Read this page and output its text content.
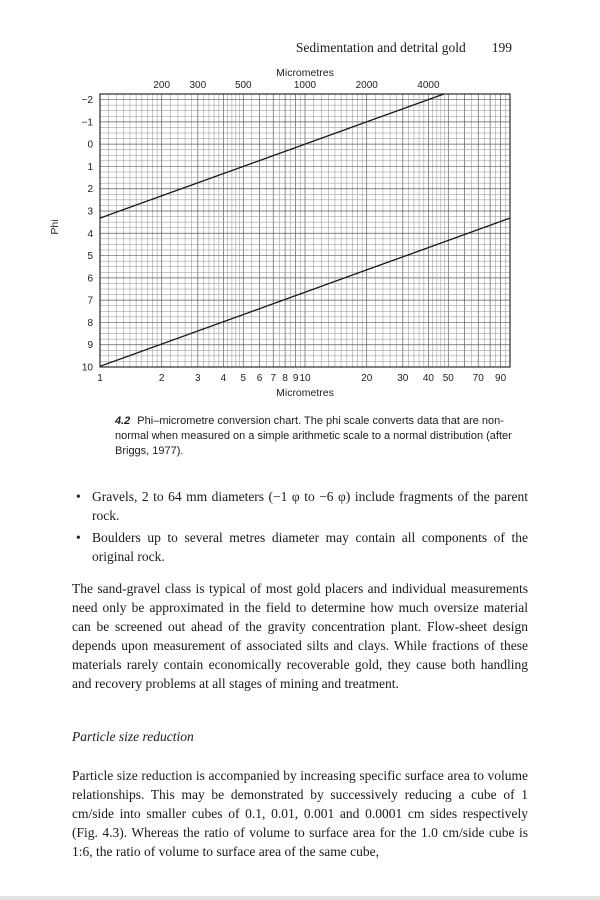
Sedimentation and detrital gold 199
Micrometres
200 300	500	1000	2000	4000
−2
−1
0
1
2
3
4
5
6
7
8
9
10
Phi
1	2	3 4 5 6 7 8 9 10	20 30 40 50 70 90
Micrometres
4.2 Phi–micrometre conversion chart. The phi scale converts data that are non-normal when measured on a simple arithmetic scale to a normal distribution (after Briggs, 1977).
• Gravels, 2 to 64 mm diameters (−1 φ to −6 φ) include fragments of the parent rock.
• Boulders up to several metres diameter may contain all components of the original rock.
The sand-gravel class is typical of most gold placers and individual measurements need only be approximated in the field to determine how much oversize material can be screened out ahead of the gravity concentration plant. Flow-sheet design depends upon measurement of associated silts and clays. While fractions of these materials rarely contain economically recoverable gold, they cause both handling and recovery problems at all stages of mining and treatment.
Particle size reduction
Particle size reduction is accompanied by increasing specific surface area to volume relationships. This may be demonstrated by successively reducing a cube of 1 cm/side into smaller cubes of 0.1, 0.01, 0.001 and 0.0001 cm sides respectively (Fig. 4.3). Whereas the ratio of volume to surface area for the 1.0 cm/side cube is 1:6, the ratio of volume to surface area of the same cube,
